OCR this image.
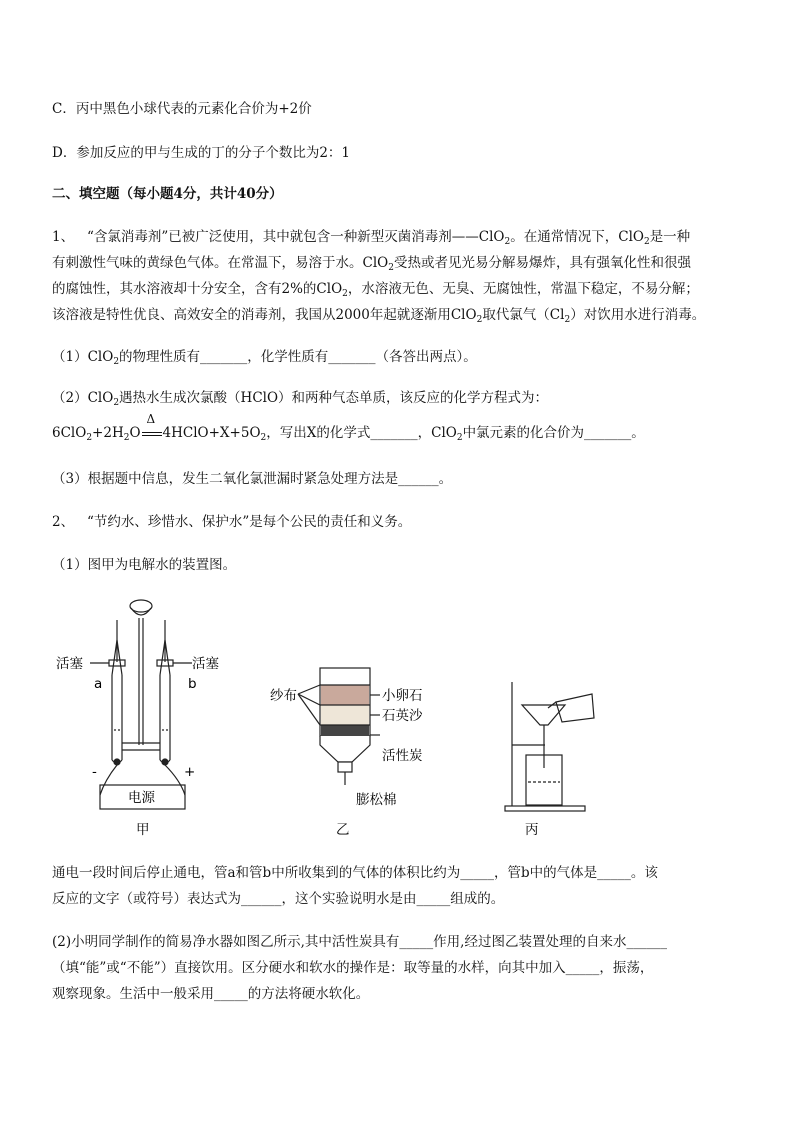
C．丙中黑色小球代表的元素化合价为+2价
D．参加反应的甲与生成的丁的分子个数比为2：1
二、填空题（每小题4分，共计40分）
1、 “含氯消毒剂”已被广泛使用，其中就包含一种新型灭菌消毒剂——ClO$_2$。在通常情况下，ClO$_2$是一种
有刺激性气味的黄绿色气体。在常温下，易溶于水。ClO$_2$受热或者见光易分解易爆炸，具有强氧化性和很强
的腐蚀性，其水溶液却十分安全，含有2%的ClO$_2$，水溶液无色、无臭、无腐蚀性，常温下稳定，不易分解；
该溶液是特性优良、高效安全的消毒剂，我国从2000年起就逐渐用ClO$_2$取代氯气$(Cl_2)$对饮用水进行消毒。
（1）ClO$_2$的物理性质有_______，化学性质有_______（各答出两点）。
（2）ClO$_2$遇热水生成次氯酸（HClO）和两种气态单质，该反应的化学方程式为：
$6ClO_2+2H_2O$
Δ
$4HClO+X+5O_2$，写出X的化学式_______，ClO$_2$中氯元素的化合价为_______。
（3）根据题中信息，发生二氧化氯泄漏时紧急处理方法是______。
2、 “节约水、珍惜水、保护水”是每个公民的责任和义务。
（1）图甲为电解水的装置图。
活塞	活塞
a	b
-	+
电源
甲
纱布	小卵石
石英沙
活性炭
膨松棉
乙	丙
通电一段时间后停止通电，管a和管b中所收集到的气体的体积比约为_____，管b中的气体是_____。该
反应的文字（或符号）表达式为______，这个实验说明水是由_____组成的。
(2)小明同学制作的简易净水器如图乙所示,其中活性炭具有_____作用,经过图乙装置处理的自来水______
（填“能”或“不能”）直接饮用。区分硬水和软水的操作是：取等量的水样，向其中加入_____，振荡，
观察现象。生活中一般采用_____的方法将硬水软化。
